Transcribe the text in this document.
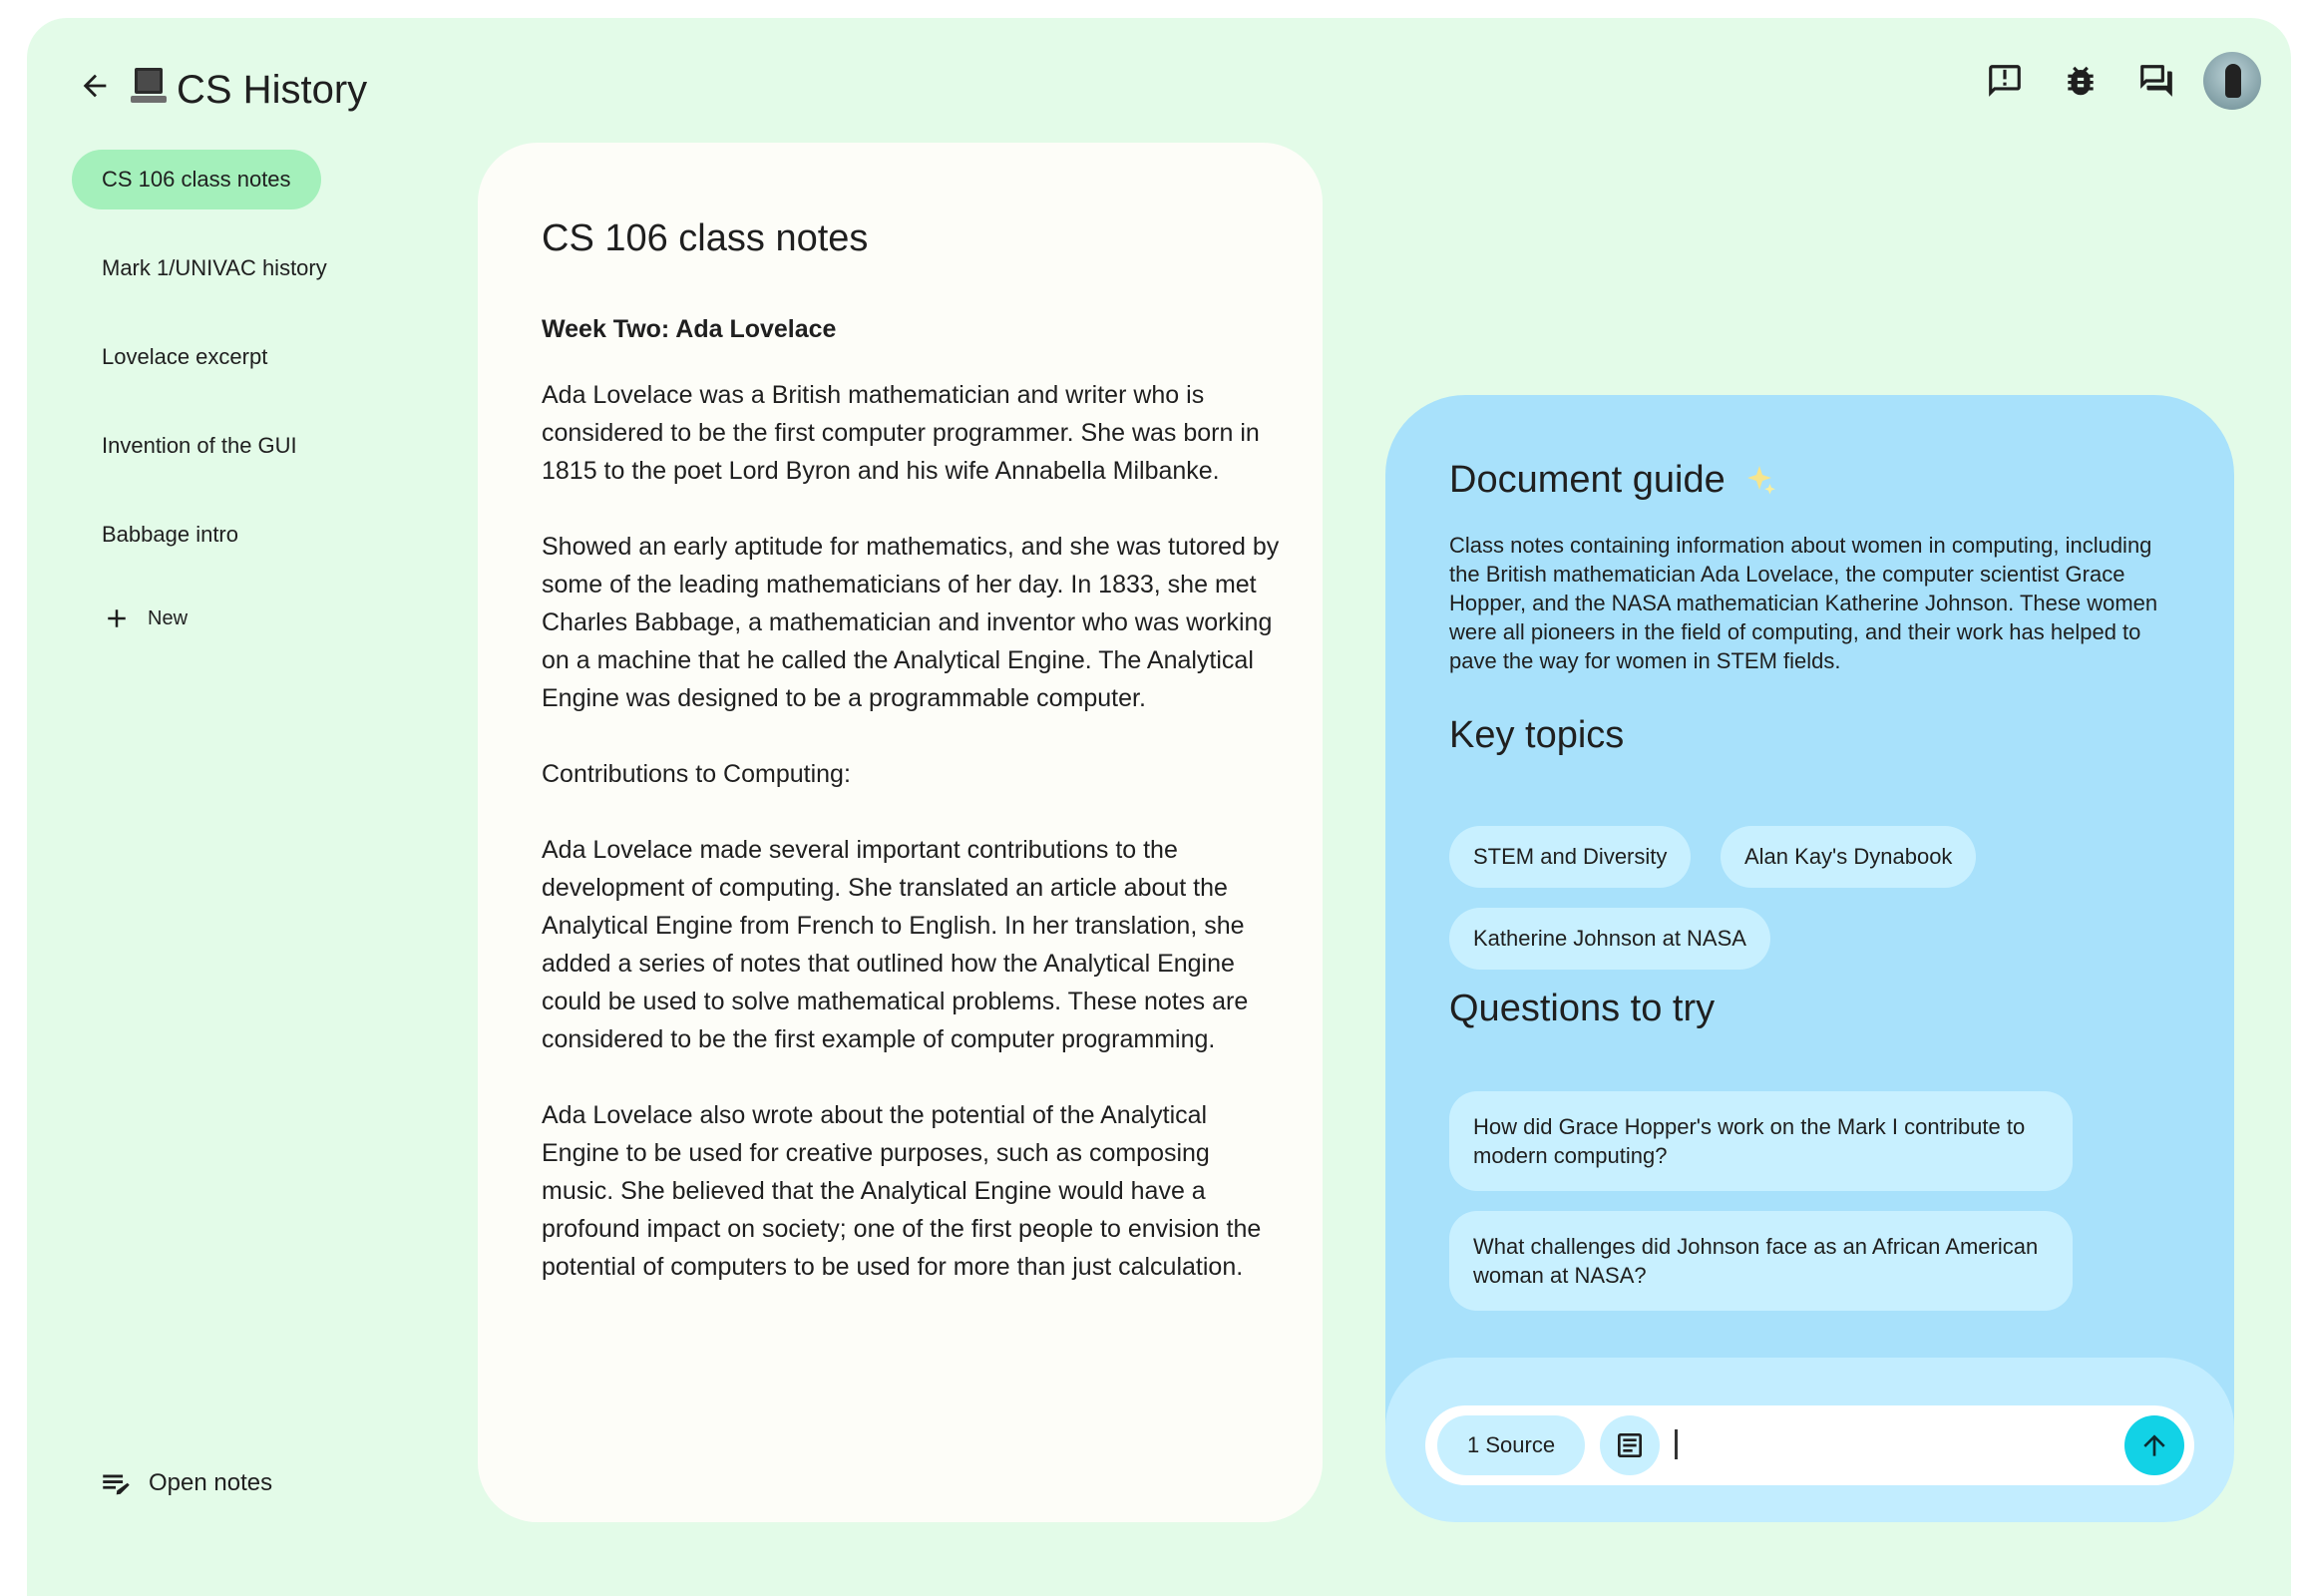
CS History
CS 106 class notes
Mark 1/UNIVAC history
Lovelace excerpt
Invention of the GUI
Babbage intro
New
Open notes
CS 106 class notes

Week Two: Ada Lovelace

Ada Lovelace was a British mathematician and writer who is considered to be the first computer programmer. She was born in 1815 to the poet Lord Byron and his wife Annabella Milbanke.

Showed an early aptitude for mathematics, and she was tutored by some of the leading mathematicians of her day. In 1833, she met Charles Babbage, a mathematician and inventor who was working on a machine that he called the Analytical Engine. The Analytical Engine was designed to be a programmable computer.

Contributions to Computing:

Ada Lovelace made several important contributions to the development of computing. She translated an article about the Analytical Engine from French to English. In her translation, she added a series of notes that outlined how the Analytical Engine could be used to solve mathematical problems. These notes are considered to be the first example of computer programming.

Ada Lovelace also wrote about the potential of the Analytical Engine to be used for creative purposes, such as composing music. She believed that the Analytical Engine would have a profound impact on society; one of the first people to envision the potential of computers to be used for more than just calculation.

Document guide
Class notes containing information about women in computing, including the British mathematician Ada Lovelace, the computer scientist Grace Hopper, and the NASA mathematician Katherine Johnson. These women were all pioneers in the field of computing, and their work has helped to pave the way for women in STEM fields.
Key topics
STEM and Diversity	Alan Kay's Dynabook
Katherine Johnson at NASA
Questions to try
How did Grace Hopper's work on the Mark I contribute to modern computing?
What challenges did Johnson face as an African American woman at NASA?
1 Source
